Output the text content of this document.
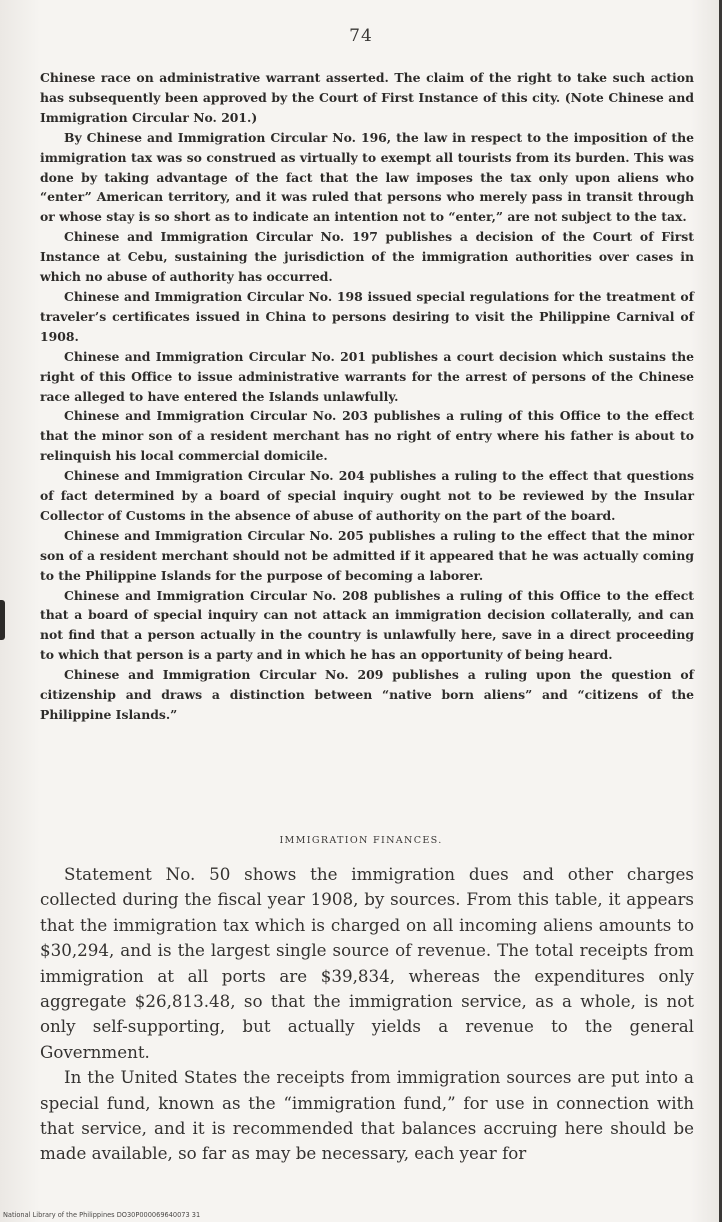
74

Chinese race on administrative warrant asserted. The claim of the right to take such action has subsequently been approved by the Court of First Instance of this city. (Note Chinese and Immigration Circular No. 201.)

By Chinese and Immigration Circular No. 196, the law in respect to the imposition of the immigration tax was so construed as virtually to exempt all tourists from its burden. This was done by taking advantage of the fact that the law imposes the tax only upon aliens who “enter” American territory, and it was ruled that persons who merely pass in transit through or whose stay is so short as to indicate an intention not to “enter,” are not subject to the tax.

Chinese and Immigration Circular No. 197 publishes a decision of the Court of First Instance at Cebu, sustaining the jurisdiction of the immigration authorities over cases in which no abuse of authority has occurred.

Chinese and Immigration Circular No. 198 issued special regulations for the treatment of traveler’s certificates issued in China to persons desiring to visit the Philippine Carnival of 1908.

Chinese and Immigration Circular No. 201 publishes a court decision which sustains the right of this Office to issue administrative warrants for the arrest of persons of the Chinese race alleged to have entered the Islands unlawfully.

Chinese and Immigration Circular No. 203 publishes a ruling of this Office to the effect that the minor son of a resident merchant has no right of entry where his father is about to relinquish his local commercial domicile.

Chinese and Immigration Circular No. 204 publishes a ruling to the effect that questions of fact determined by a board of special inquiry ought not to be reviewed by the Insular Collector of Customs in the absence of abuse of authority on the part of the board.

Chinese and Immigration Circular No. 205 publishes a ruling to the effect that the minor son of a resident merchant should not be admitted if it appeared that he was actually coming to the Philippine Islands for the purpose of becoming a laborer.

Chinese and Immigration Circular No. 208 publishes a ruling of this Office to the effect that a board of special inquiry can not attack an immigration decision collaterally, and can not find that a person actually in the country is unlawfully here, save in a direct proceeding to which that person is a party and in which he has an opportunity of being heard.

Chinese and Immigration Circular No. 209 publishes a ruling upon the question of citizenship and draws a distinction between “native born aliens” and “citizens of the Philippine Islands.”

IMMIGRATION FINANCES.

Statement No. 50 shows the immigration dues and other charges collected during the fiscal year 1908, by sources. From this table, it appears that the immigration tax which is charged on all incoming aliens amounts to $30,294, and is the largest single source of revenue. The total receipts from immigration at all ports are $39,834, whereas the expenditures only aggregate $26,813.48, so that the immigration service, as a whole, is not only self-supporting, but actually yields a revenue to the general Government.

In the United States the receipts from immigration sources are put into a special fund, known as the “immigration fund,” for use in connection with that service, and it is recommended that balances accruing here should be made available, so far as may be necessary, each year for

National Library of the Philippines DO30P000069640073 31
